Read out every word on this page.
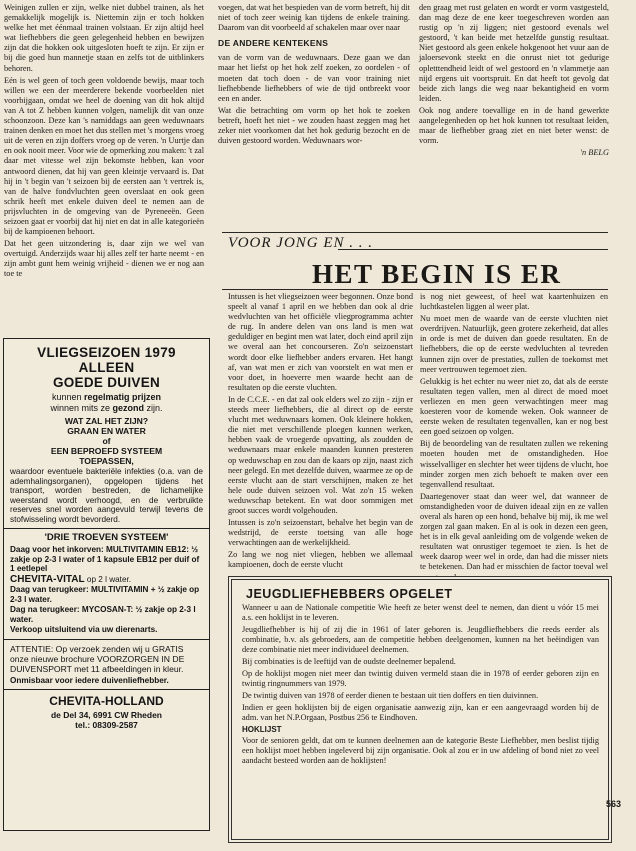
Weinigen zullen er zijn, welke niet dubbel trainen, als het gemakkelijk mogelijk is. Niettemin zijn er toch hokken welke het met éénmaal trainen volstaan. Er zijn altijd heel wat liefhebbers die geen gelegenheid hebben en bewijzen zijn dat die hokken ook uitgesloten hoeft te zijn. Er zijn er bij die goed hun mannetje staan en zelfs tot de uitblinkers behoren.

Eén is wel geen of toch geen voldoende bewijs, maar toch willen we een der meerderere bekende voorbeelden niet voorbijgaan, omdat we heel de doening van dit hok altijd van A tot Z hebben kunnen volgen, namelijk dit van onze schoonzoon. Deze kan 's namiddags aan geen weduwnaars trainen denken en moet het dus stellen met 's morgens vroeg uit de veren en zijn doffers vroeg op de veren. 'n Uurtje dan en ook nooit meer. Voor wie de opmerking zou maken: 't zal daar met vitesse wel zijn bekomste hebben, kan voor antwoord dienen, dat hij van geen kleintje vervaard is. Dat hij in 't begin van 't seizoen bij de eersten aan 't vertrek is, van de halve fondvluchten geen overslaat en ook geen schrik heeft met enkele duiven deel te nemen aan de prijsvluchten in de omgeving van de Pyreneeën. Geen seizoen gaat er voorbij dat hij niet en dat in alle kategorieën bij de kampioenen behoort.

Dat het geen uitzondering is, daar zijn we wel van overtuigd. Anderzijds waar hij alles zelf ter harte neemt - en zijn ambt gunt hem weinig vrijheid - dienen we er nog aan toe te

voegen, dat wat het bespieden van de vorm betreft, hij dit niet of toch zeer weinig kan tijdens de enkele training. Daarom van dit voorbeeld af schakelen maar over naar

DE ANDERE KENTEKENS

van de vorm van de weduwnaars. Deze gaan we dan maar het liefst op het hok zelf zoeken, zo oordelen - of moeten dat toch doen - de van voor training niet liefhebbende liefhebbers of wie de tijd ontbreekt voor een en ander.

Wat die betrachting om vorm op het hok te zoeken betreft, hoeft het niet - we zouden haast zeggen mag het zeker niet voorkomen dat het hok gedurig bezocht en de duiven gestoord worden. Weduwnaars wor-

den graag met rust gelaten en wordt er vorm vastgesteld, dan mag deze de ene keer toegeschreven worden aan rustig op 'n zij liggen; niet gestoord evenals wel gestoord, 't kan beide met hetzelfde gunstig resultaat. Niet gestoord als geen enkele hokgenoot het vuur aan de jaloersevonk steekt en die onrust niet tot gedurige opletttendheid leidt of wel gestoord en 'n vlammetje aan nijd ergens uit voortspruit. En dat heeft tot gevolg dat beide zich langs die weg naar bekantigheid en vorm leiden.

Ook nog andere toevallige en in de hand gewerkte aangelegenheden op het hok kunnen tot resultaat leiden, maar de liefhebber graag ziet en niet beter wenst: de vorm.

'n BELG

VOOR JONG EN . . .
HET BEGIN IS ER

Intussen is het vliegseizoen weer begonnen. Onze bond speelt al vanaf 1 april en we hebben dan ook al drie wedvluchten van het officiële vliegprogramma achter de rug. In andere delen van ons land is men wat geduldiger en begint men wat later, doch eind april zijn we overal aan het concourseren. Zo'n seizoenstart wordt door elke liefhebber anders ervaren. Het hangt af, van wat men er zich van voorstelt en wat men er voor doet, in hoeverre men waarde hecht aan de resultaten op die eerste vluchten.

In de C.C.E. - en dat zal ook elders wel zo zijn - zijn er steeds meer liefhebbers, die al direct op de eerste vlucht met weduwnaars komen. Ook kleinere hokken, die niet met verschillende ploegen kunnen werken, hebben vaak de vroegerde opvatting, als zoudden de weduwnaars maar enkele maanden kunnen presteren op weduwschap en zou dan de kaars op zijn, naast zich neer gelegd. En met dezelfde duiven, waarmee ze op de eerste vlucht aan de start verschijnen, maken ze het hele oude duiven seizoen vol. Wat zo'n 15 weken weduwschap betekent. En wat door sommigen met groot succes wordt volgehouden.

Intussen is zo'n seizoenstart, behalve het begin van de wedstrijd, de eerste toetsing van alle hoge verwachtingen aan de werkelijkheid.

Zo lang we nog niet vliegen, hebben we allemaal kampioenen, doch de eerste vlucht

is nog niet geweest, of heel wat kaartenhuizen en luchtkastelen liggen al weer plat.

Nu moet men de waarde van de eerste vluchten niet overdrijven. Natuurlijk, geen grotere zekerheid, dat alles in orde is met de duiven dan goede resultaten. En de liefhebbers, die op de eerste wedvluchten al tevreden kunnen zijn over de prestaties, zullen de toekomst met meer vertrouwen tegemoet zien.

Gelukkig is het echter nu weer niet zo, dat als de eerste resultaten tegen vallen, men al direct de moed moet verliezen en men geen verwachtingen meer mag koesteren voor de komende weken. Ook wanneer de eerste weken de resultaten tegenvallen, kan er nog best een goed seizoen op volgen.

Bij de beoordeling van de resultaten zullen we rekening moeten houden met de omstandigheden. Hoe wisselvalliger en slechter het weer tijdens de vlucht, hoe minder zorgen men zich behoeft te maken over een tegenvallend resultaat.

Daartegenover staat dan weer wel, dat wanneer de omstandigheden voor de duiven ideaal zijn en ze vallen overal als haren op een hond, behalve bij mij, ik me wel zorgen zal gaan maken. En al is ook in dezen een geen, het is in elk geval aanleiding om de volgende weken de resultaten wat onrustiger tegemoet te zien. Is het de week daarop weer wel in orde, dan had die misser niets te betekenen. Dan had er misschien de factor toeval wel

VLIEGSEIZOEN 1979
ALLEEN
GOEDE DUIVEN
kunnen regelmatig prijzen
winnen mits ze gezond zijn.
WAT ZAL HET ZIJN?
GRAAN EN WATER
of
EEN BEPROEFD SYSTEEM
TOEPASSEN,
waardoor eventuele bakteriële infekties (o.a. van de ademhalingsorganen), opgelopen tijdens het transport, worden bestreden, de lichamelijke weerstand wordt verhoogd, en de verbruikte reserves snel worden aangevuld terwijl tevens de stofwisseling wordt bevorderd.
'DRIE TROEVEN SYSTEEM'
Daag voor het inkorven: MULTIVITAMIN EB12: ½ zakje op 2-3 l water of 1 kapsule EB12 per duif of 1 eetlepel
CHEVITA-VITAL op 2 l water.
Daag van terugkeer: MULTIVITAMIN + ½ zakje op 2-3 l water.
Dag na terugkeer: MYCOSAN-T: ½ zakje op 2-3 l water.
Verkoop uitsluitend via uw dierenarts.
ATTENTIE: Op verzoek zenden wij u GRATIS onze nieuwe brochure VOORZORGEN IN DE DUIVENSPORT met 11 afbeeldingen in kleur.
Onmisbaar voor iedere duivenliefhebber.
CHEVITA-HOLLAND
de Del 34, 6991 CW Rheden
tel.: 08309-2587
JEUGDLIEFHEBBERS OPGELET

Wanneer u aan de Nationale competitie Wie heeft ze beter wenst deel te nemen, dan dient u vóór 15 mei a.s. een hoklijst in te leveren.

Jeugdliefhebber is hij of zij die in 1961 of later geboren is. Jeugdliefhebbers die reeds eerder als combinatie, b.v. als gebroeders, aan de competitie hebben deelgenomen, kunnen na het beëindigen van deze combinatie niet meer individueel deelnemen.

Bij combinaties is de leeftijd van de oudste deelnemer bepalend.

Op de hoklijst mogen niet meer dan twintig duiven vermeld staan die in 1978 of eerder geboren zijn en twintig ringnummers van 1979.

De twintig duiven van 1978 of eerder dienen te bestaan uit tien doffers en tien duivinnen.

Indien er geen hoklijsten bij de eigen organisatie aanwezig zijn, kan er een aangevraagd worden bij de adm. van het N.P.Orgaan, Postbus 256 te Eindhoven.

HOKLIJST

Voor de senioren geldt, dat om te kunnen deelnemen aan de kategorie Beste Liefhebber, men beslist tijdig een hoklijst moet hebben ingeleverd bij zijn organisatie. Ook al zou er in uw afdeling of bond niet zo veel aandacht besteed worden aan de hoklijsten!

563
